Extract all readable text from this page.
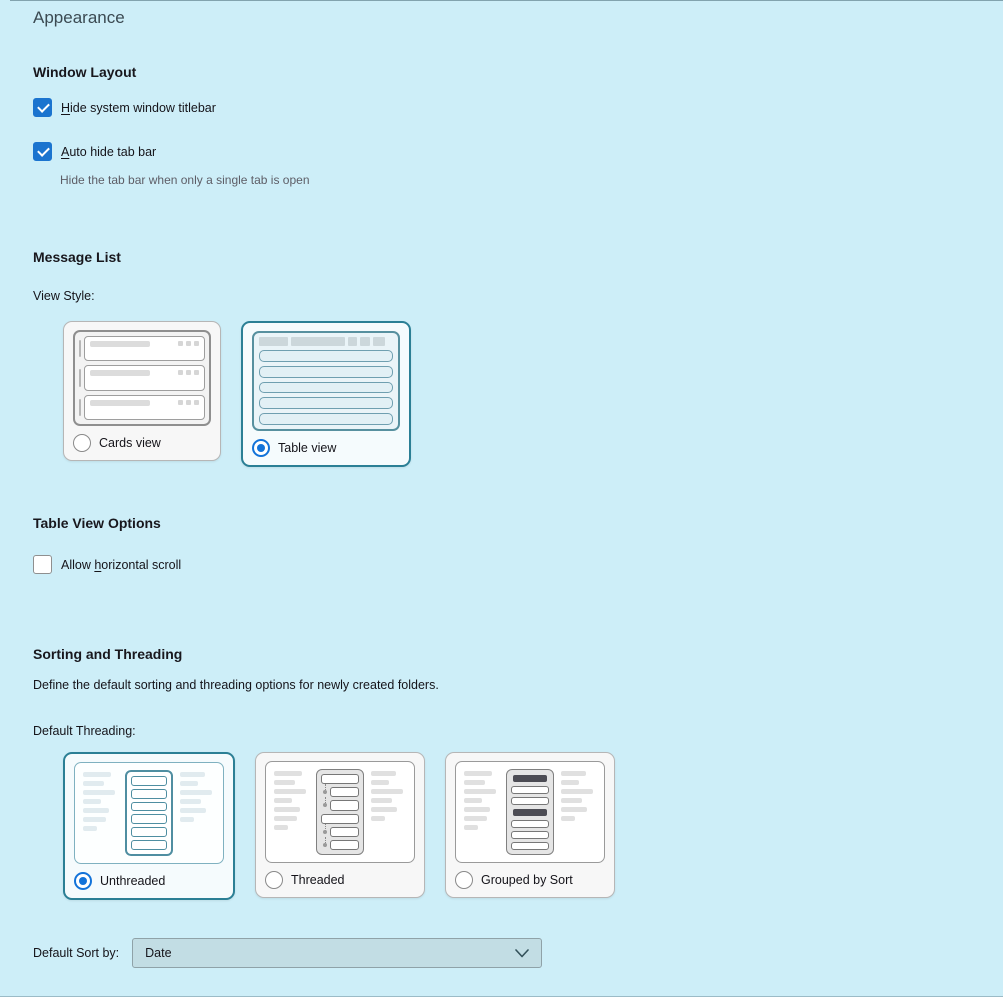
Appearance
Window Layout
Hide system window titlebar
Auto hide tab bar

Hide the tab bar when only a single tab is open

Message List
View Style:
Cards view	Table view
Table View Options
Allow horizontal scroll
Sorting and Threading

Define the default sorting and threading options for newly created folders.

Default Threading:
Unthreaded	Threaded	Grouped by Sort
Default Sort by: Date
